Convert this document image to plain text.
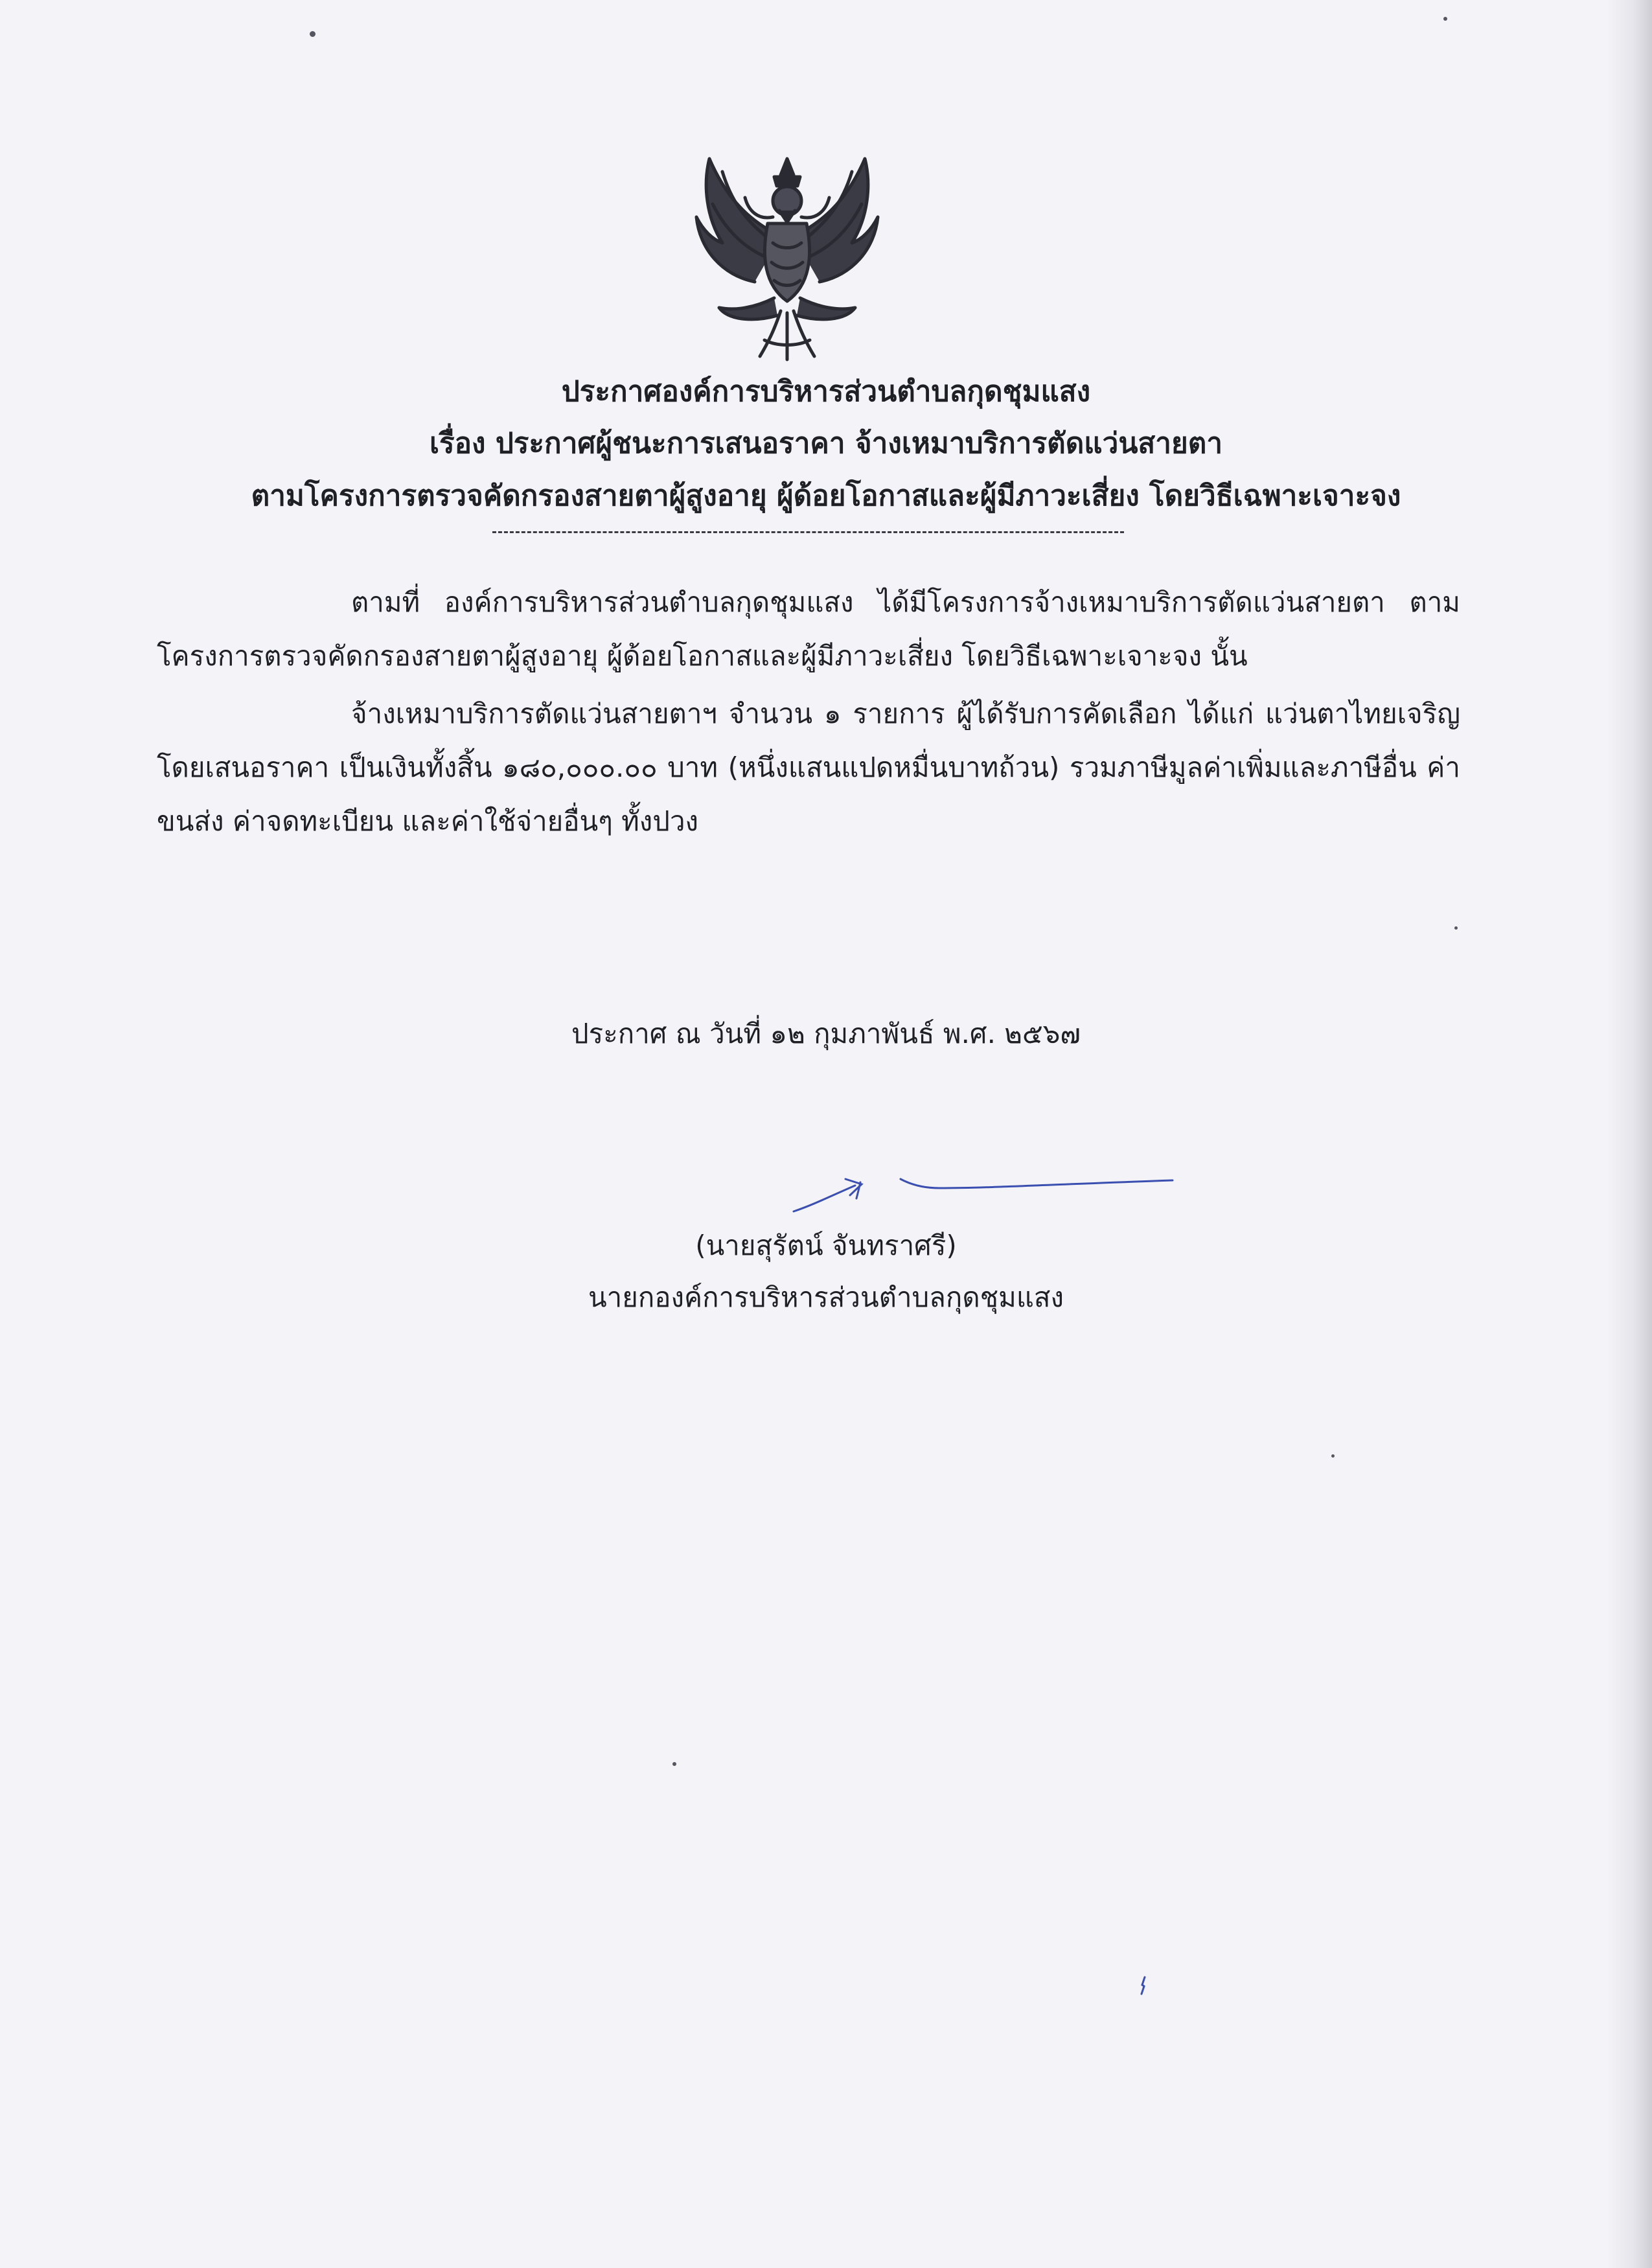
ประกาศองค์การบริหารส่วนตำบลกุดชุมแสง
เรื่อง ประกาศผู้ชนะการเสนอราคา จ้างเหมาบริการตัดแว่นสายตา
ตามโครงการตรวจคัดกรองสายตาผู้สูงอายุ ผู้ด้อยโอกาสและผู้มีภาวะเสี่ยง โดยวิธีเฉพาะเจาะจง
ตามที่ องค์การบริหารส่วนตำบลกุดชุมแสง ได้มีโครงการจ้างเหมาบริการตัดแว่นสายตา ตามโครงการตรวจคัดกรองสายตาผู้สูงอายุ ผู้ด้อยโอกาสและผู้มีภาวะเสี่ยง โดยวิธีเฉพาะเจาะจง นั้น
จ้างเหมาบริการตัดแว่นสายตาฯ จำนวน ๑ รายการ ผู้ได้รับการคัดเลือก ได้แก่ แว่นตาไทยเจริญ โดยเสนอราคา เป็นเงินทั้งสิ้น ๑๘๐,๐๐๐.๐๐ บาท (หนึ่งแสนแปดหมื่นบาทถ้วน) รวมภาษีมูลค่าเพิ่มและภาษีอื่น ค่าขนส่ง ค่าจดทะเบียน และค่าใช้จ่ายอื่นๆ ทั้งปวง
ประกาศ ณ วันที่ ๑๒ กุมภาพันธ์ พ.ศ. ๒๕๖๗
(นายสุรัตน์ จันทราศรี)
นายกองค์การบริหารส่วนตำบลกุดชุมแสง
